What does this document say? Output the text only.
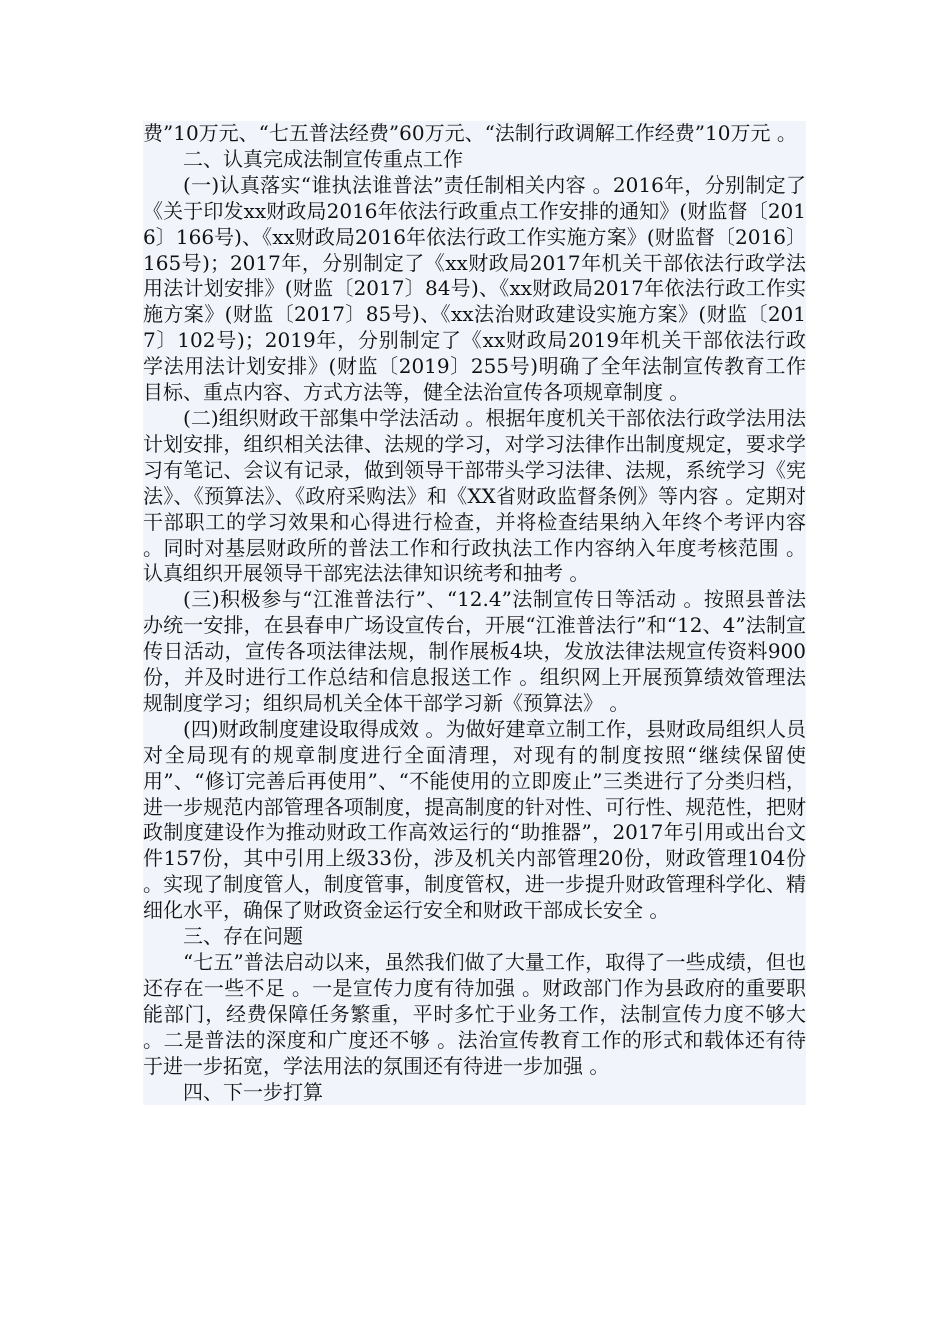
费”10万元、“七五普法经费”60万元、“法制行政调解工作经费”10万元 。

二、认真完成法制宣传重点工作

(一)认真落实“谁执法谁普法”责任制相关内容 。2016年，分别制定了《关于印发xx财政局2016年依法行政重点工作安排的通知》(财监督〔2016〕166号)、《xx财政局2016年依法行政工作实施方案》(财监督〔2016〕165号)；2017年，分别制定了《xx财政局2017年机关干部依法行政学法用法计划安排》(财监〔2017〕84号)、《xx财政局2017年依法行政工作实施方案》(财监〔2017〕85号)、《xx法治财政建设实施方案》(财监〔2017〕102号)；2019年，分别制定了《xx财政局2019年机关干部依法行政学法用法计划安排》(财监〔2019〕255号)明确了全年法制宣传教育工作目标、重点内容、方式方法等，健全法治宣传各项规章制度 。

(二)组织财政干部集中学法活动 。根据年度机关干部依法行政学法用法计划安排，组织相关法律、法规的学习，对学习法律作出制度规定，要求学习有笔记、会议有记录，做到领导干部带头学习法律、法规，系统学习《宪法》、《预算法》、《政府采购法》和《XX省财政监督条例》等内容 。定期对干部职工的学习效果和心得进行检查，并将检查结果纳入年终个考评内容 。同时对基层财政所的普法工作和行政执法工作内容纳入年度考核范围 。认真组织开展领导干部宪法法律知识统考和抽考 。

(三)积极参与“江淮普法行”、“12.4”法制宣传日等活动 。按照县普法办统一安排，在县春申广场设宣传台，开展“江淮普法行”和“12、4”法制宣传日活动，宣传各项法律法规，制作展板4块，发放法律法规宣传资料900份，并及时进行工作总结和信息报送工作 。组织网上开展预算绩效管理法规制度学习；组织局机关全体干部学习新《预算法》 。

(四)财政制度建设取得成效 。为做好建章立制工作，县财政局组织人员对全局现有的规章制度进行全面清理，对现有的制度按照“继续保留使用”、“修订完善后再使用”、“不能使用的立即废止”三类进行了分类归档，进一步规范内部管理各项制度，提高制度的针对性、可行性、规范性，把财政制度建设作为推动财政工作高效运行的“助推器”，2017年引用或出台文件157份，其中引用上级33份，涉及机关内部管理20份，财政管理104份 。实现了制度管人，制度管事，制度管权，进一步提升财政管理科学化、精细化水平，确保了财政资金运行安全和财政干部成长安全 。

三、存在问题

“七五”普法启动以来，虽然我们做了大量工作，取得了一些成绩，但也还存在一些不足 。一是宣传力度有待加强 。财政部门作为县政府的重要职能部门，经费保障任务繁重，平时多忙于业务工作，法制宣传力度不够大 。二是普法的深度和广度还不够 。法治宣传教育工作的形式和载体还有待于进一步拓宽，学法用法的氛围还有待进一步加强 。

四、下一步打算
